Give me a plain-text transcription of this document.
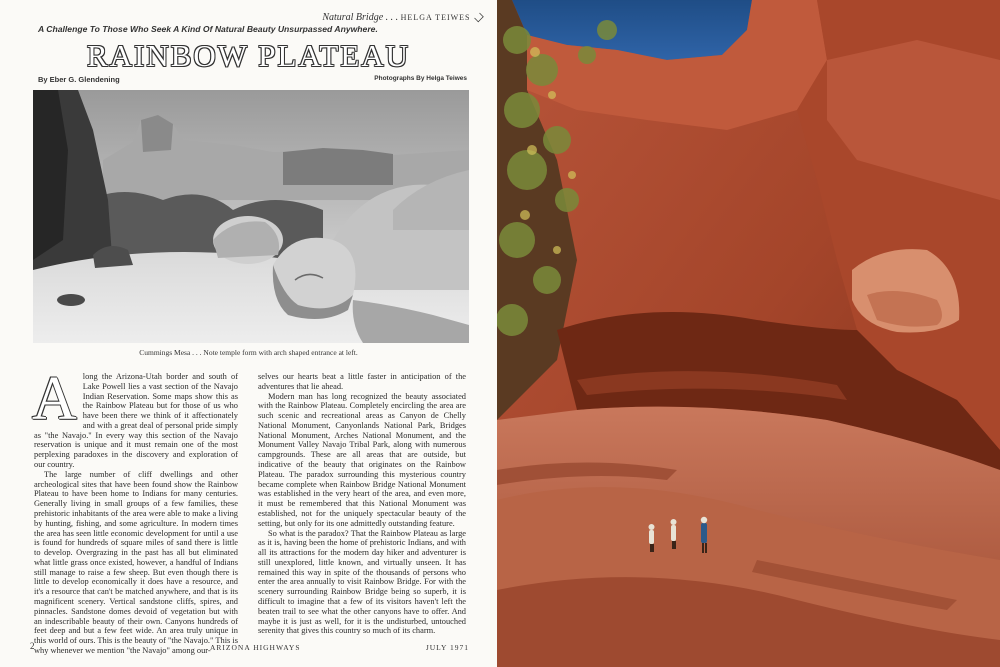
Natural Bridge . . . HELGA TEIWES
A Challenge To Those Who Seek A Kind Of Natural Beauty Unsurpassed Anywhere.
RAINBOW PLATEAU
By Eber G. Glendening	Photographs By Helga Teiwes
Cummings Mesa . . . Note temple form with arch shaped entrance at left.
A long the Arizona-Utah border and south of Lake Powell lies a vast section of the Navajo Indian Reservation. Some maps show this as the Rainbow Plateau but for those of us who have been there we think of it affectionately and with a great deal of personal pride simply as "the Navajo." In every way this section of the Navajo reservation is unique and it must remain one of the most perplexing paradoxes in the discovery and exploration of our country.

The large number of cliff dwellings and other archeological sites that have been found show the Rainbow Plateau to have been home to Indians for many centuries. Generally living in small groups of a few families, these prehistoric inhabitants of the area were able to make a living by hunting, fishing, and some agriculture. In modern times the area has seen little economic development for until a use is found for hundreds of square miles of sand there is little to develop. Overgrazing in the past has all but eliminated what little grass once existed, however, a handful of Indians still manage to raise a few sheep. But even though there is little to develop economically it does have a resource, and it's a resource that can't be matched anywhere, and that is its magnificent scenery. Vertical sandstone cliffs, spires, and pinnacles. Sandstone domes devoid of vegetation but with an indescribable beauty of their own. Canyons hundreds of feet deep and but a few feet wide. An area truly unique in this world of ours. This is the beauty of "the Navajo." This is why whenever we mention "the Navajo" among our-

selves our hearts beat a little faster in anticipation of the adventures that lie ahead.

Modern man has long recognized the beauty associated with the Rainbow Plateau. Completely encircling the area are such scenic and recreational areas as Canyon de Chelly National Monument, Canyonlands National Park, Bridges National Monument, Arches National Monument, and the Monument Valley Navajo Tribal Park, along with numerous campgrounds. These are all areas that are outside, but indicative of the beauty that originates on the Rainbow Plateau. The paradox surrounding this mysterious country became complete when Rainbow Bridge National Monument was established in the very heart of the area, and even more, it must be remembered that this National Monument was established, not for the uniquely spectacular beauty of the setting, but only for its one admittedly outstanding feature.

So what is the paradox? That the Rainbow Plateau as large as it is, having been the home of prehistoric Indians, and with all its attractions for the modern day hiker and adventurer is still unexplored, little known, and virtually unseen. It has remained this way in spite of the thousands of persons who enter the area annually to visit Rainbow Bridge. For with the scenery surrounding Rainbow Bridge being so superb, it is difficult to imagine that a few of its visitors haven't left the beaten trail to see what the other canyons have to offer. And maybe it is just as well, for it is the undisturbed, untouched serenity that gives this country so much of its charm.

2	ARIZONA HIGHWAYS	JULY 1971
